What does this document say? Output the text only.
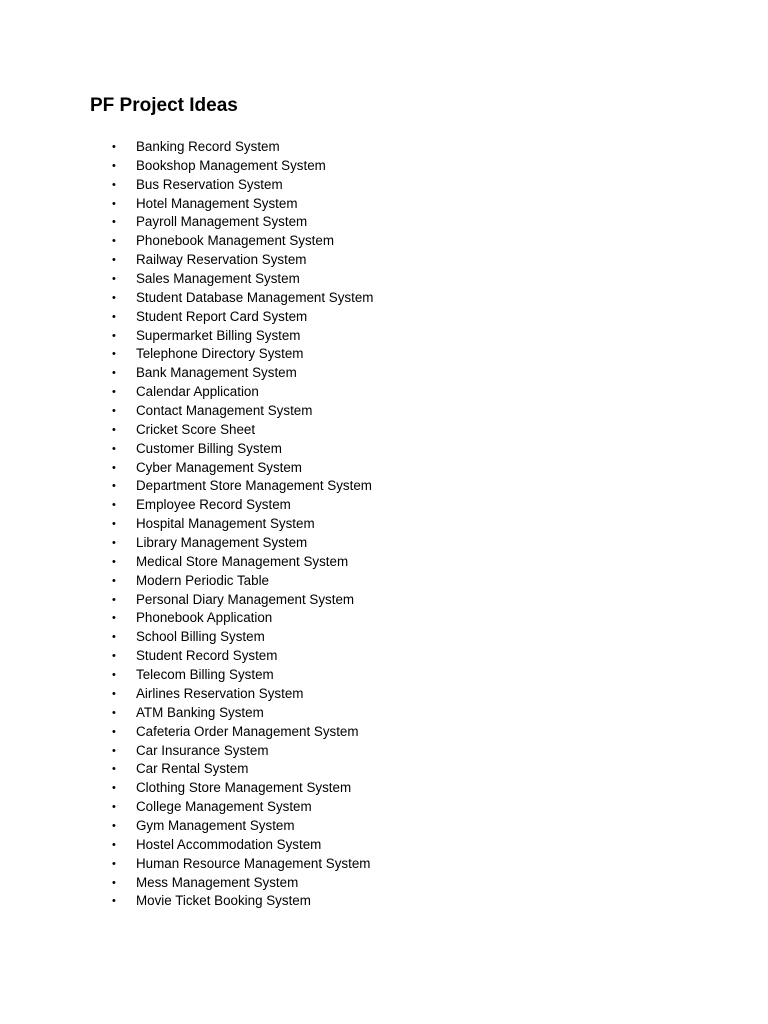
PF Project Ideas
• Banking Record System
• Bookshop Management System
• Bus Reservation System
• Hotel Management System
• Payroll Management System
• Phonebook Management System
• Railway Reservation System
• Sales Management System
• Student Database Management System
• Student Report Card System
• Supermarket Billing System
• Telephone Directory System
• Bank Management System
• Calendar Application
• Contact Management System
• Cricket Score Sheet
• Customer Billing System
• Cyber Management System
• Department Store Management System
• Employee Record System
• Hospital Management System
• Library Management System
• Medical Store Management System
• Modern Periodic Table
• Personal Diary Management System
• Phonebook Application
• School Billing System
• Student Record System
• Telecom Billing System
• Airlines Reservation System
• ATM Banking System
• Cafeteria Order Management System
• Car Insurance System
• Car Rental System
• Clothing Store Management System
• College Management System
• Gym Management System
• Hostel Accommodation System
• Human Resource Management System
• Mess Management System
• Movie Ticket Booking System
